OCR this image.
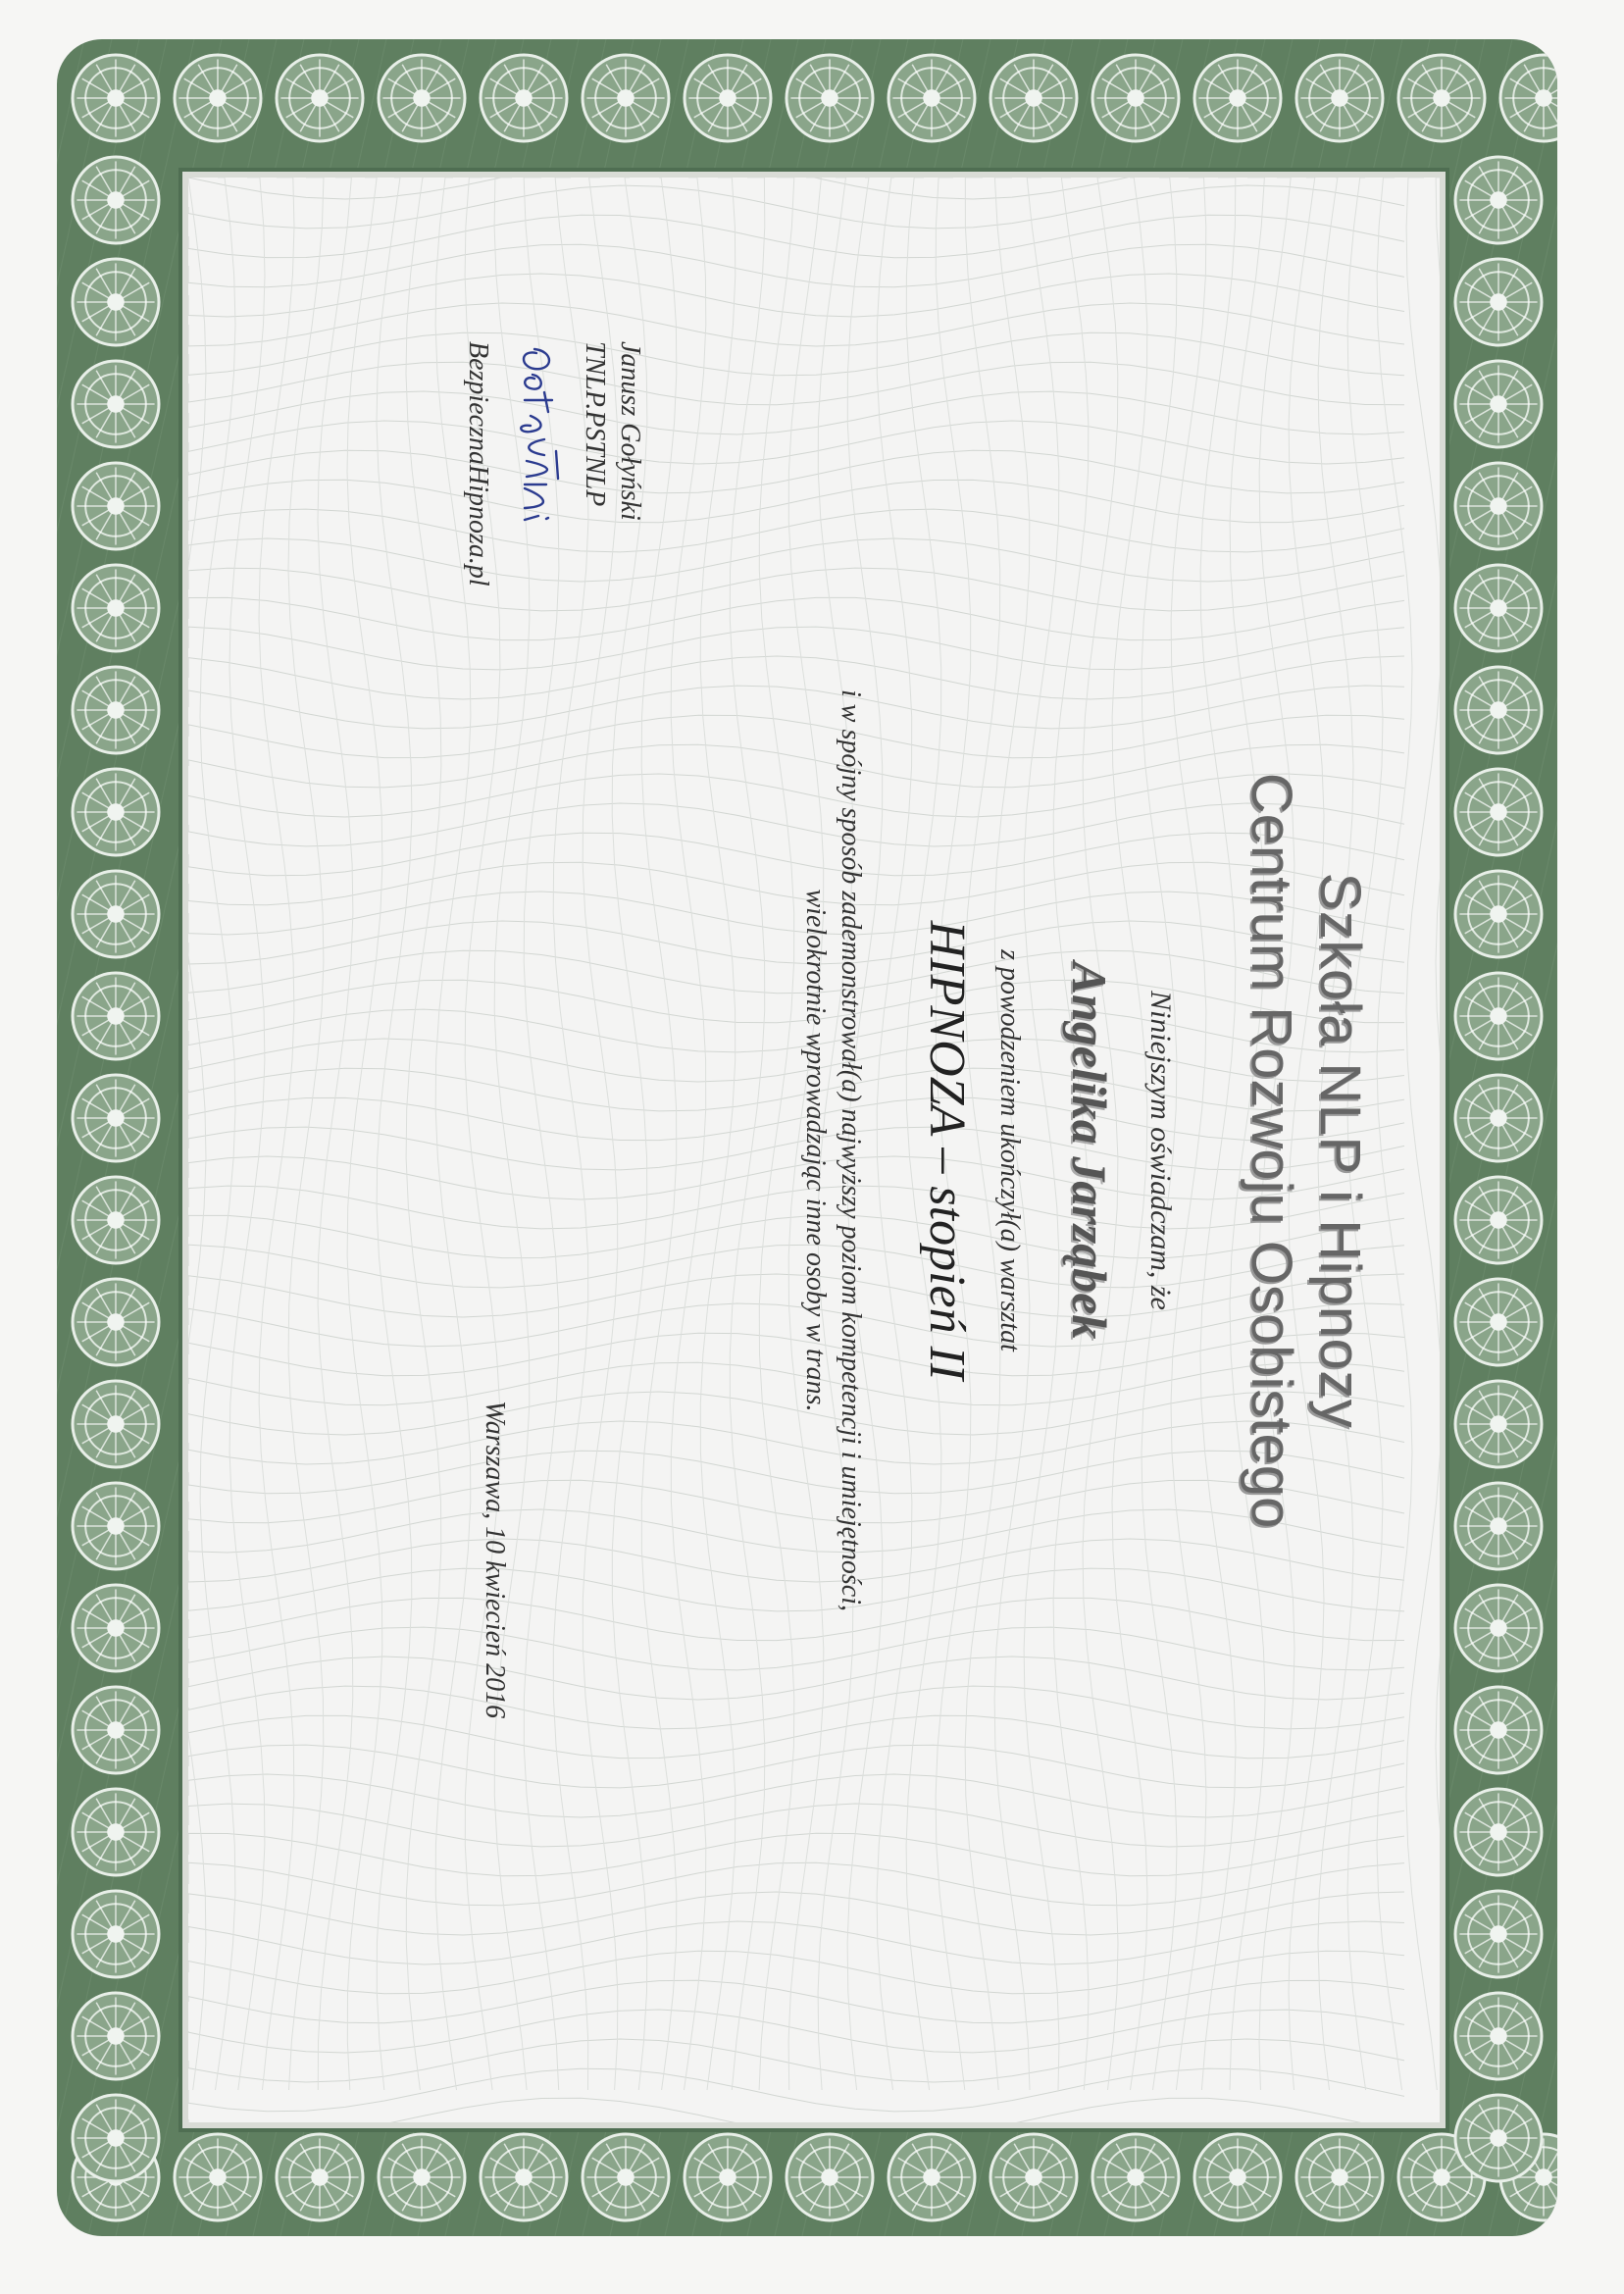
Szkoła NLP i Hipnozy
Centrum Rozwoju Osobistego
Niniejszym oświadczam, że
Angelika Jarząbek
z powodzeniem ukończył(a) warsztat
HIPNOZA – stopień II
i w spójny sposób zademonstrował(a) najwyższy poziom kompetencji i umiejętności,
wielokrotnie wprowadzając inne osoby w trans.
Janusz Gołyński
TNLP.PSTNLP
BezpiecznaHipnoza.pl
Warszawa, 10 kwiecień 2016
